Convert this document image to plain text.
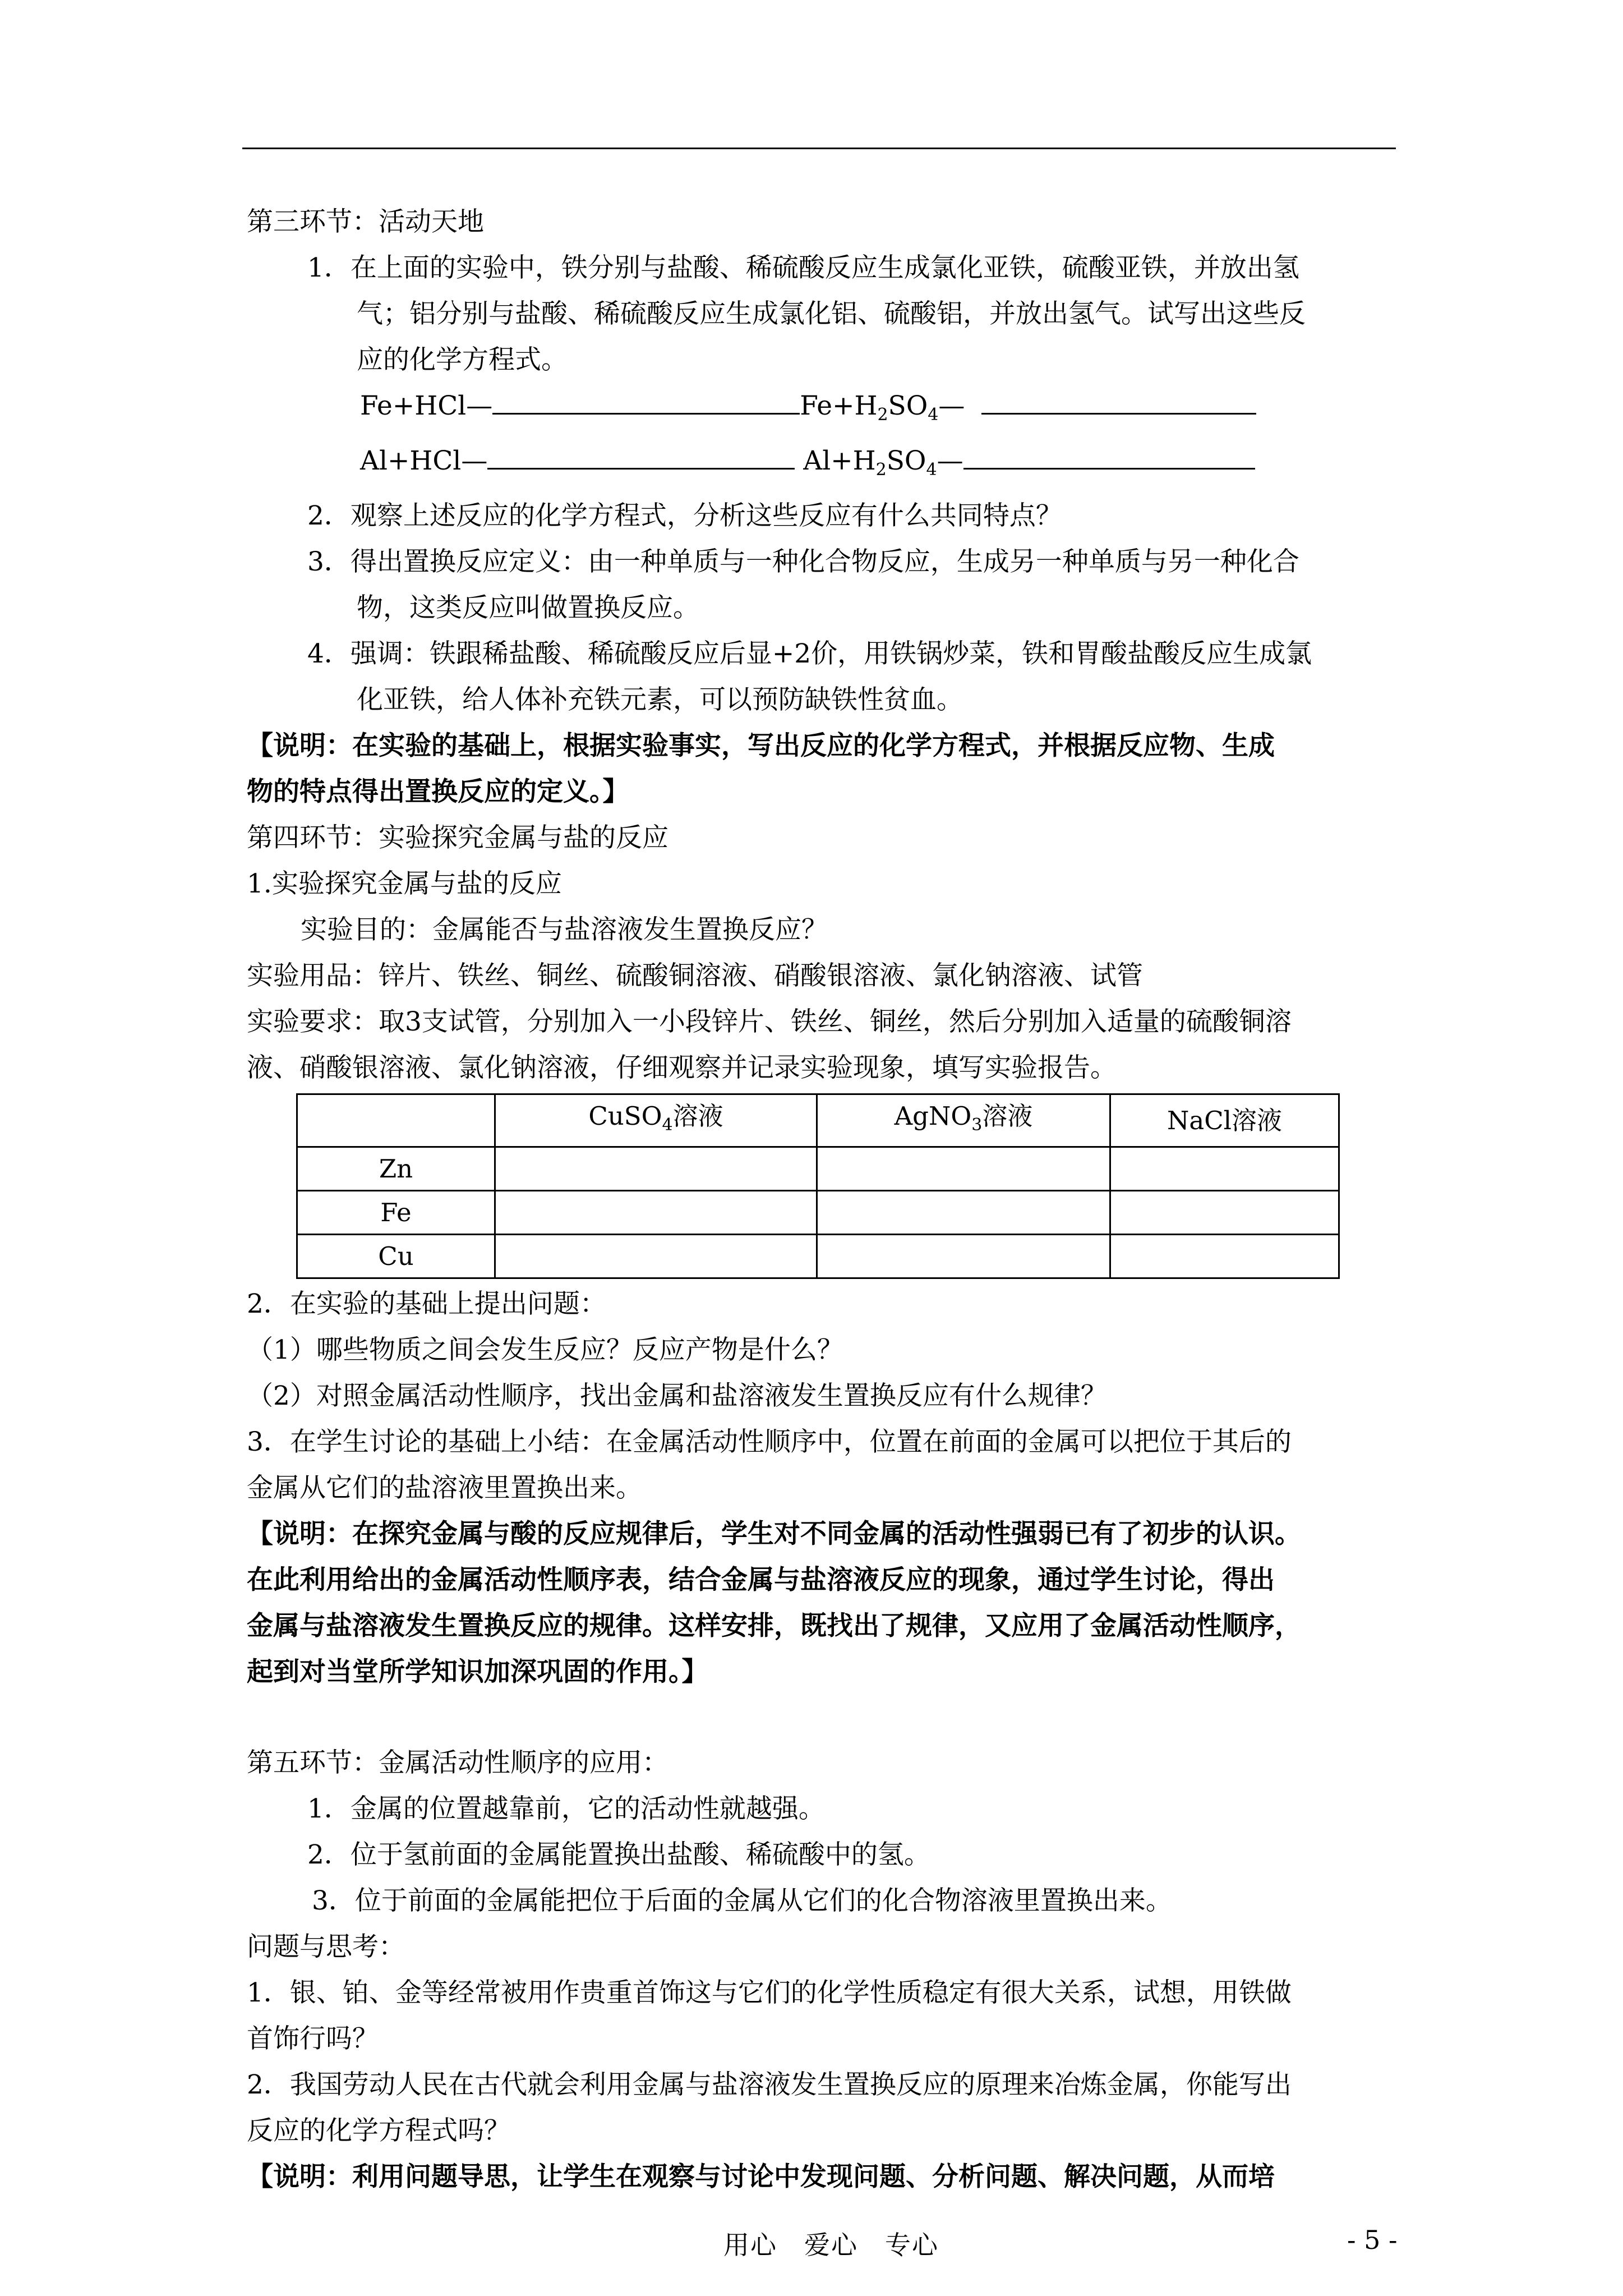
第三环节：活动天地
1．在上面的实验中，铁分别与盐酸、稀硫酸反应生成氯化亚铁，硫酸亚铁，并放出氢
气；铝分别与盐酸、稀硫酸反应生成氯化铝、硫酸铝，并放出氢气。试写出这些反
应的化学方程式。
Fe+HCl—	$Fe+H_2SO_4—$
Al+HCl—	$Al+H_2SO_4—$
2．观察上述反应的化学方程式，分析这些反应有什么共同特点？
3．得出置换反应定义：由一种单质与一种化合物反应，生成另一种单质与另一种化合
物，这类反应叫做置换反应。
4．强调：铁跟稀盐酸、稀硫酸反应后显+2价，用铁锅炒菜，铁和胃酸盐酸反应生成氯
化亚铁，给人体补充铁元素，可以预防缺铁性贫血。
【说明：在实验的基础上，根据实验事实，写出反应的化学方程式，并根据反应物、生成
物的特点得出置换反应的定义。】
第四环节：实验探究金属与盐的反应
1.实验探究金属与盐的反应
实验目的：金属能否与盐溶液发生置换反应？
实验用品：锌片、铁丝、铜丝、硫酸铜溶液、硝酸银溶液、氯化钠溶液、试管
实验要求：取3支试管，分别加入一小段锌片、铁丝、铜丝，然后分别加入适量的硫酸铜溶
液、硝酸银溶液、氯化钠溶液，仔细观察并记录实验现象，填写实验报告。
	CuSO$_4$溶液	AgNO$_3$溶液	NaCl溶液
Zn			
Fe			
Cu			
2．在实验的基础上提出问题：
（1）哪些物质之间会发生反应？反应产物是什么？
（2）对照金属活动性顺序，找出金属和盐溶液发生置换反应有什么规律？
3．在学生讨论的基础上小结：在金属活动性顺序中，位置在前面的金属可以把位于其后的
金属从它们的盐溶液里置换出来。
【说明：在探究金属与酸的反应规律后，学生对不同金属的活动性强弱已有了初步的认识。
在此利用给出的金属活动性顺序表，结合金属与盐溶液反应的现象，通过学生讨论，得出
金属与盐溶液发生置换反应的规律。这样安排，既找出了规律，又应用了金属活动性顺序，
起到对当堂所学知识加深巩固的作用。】
第五环节：金属活动性顺序的应用：
1．金属的位置越靠前，它的活动性就越强。
2．位于氢前面的金属能置换出盐酸、稀硫酸中的氢。
3．位于前面的金属能把位于后面的金属从它们的化合物溶液里置换出来。
问题与思考：
1．银、铂、金等经常被用作贵重首饰这与它们的化学性质稳定有很大关系，试想，用铁做
首饰行吗？
2．我国劳动人民在古代就会利用金属与盐溶液发生置换反应的原理来冶炼金属，你能写出
反应的化学方程式吗？
【说明：利用问题导思，让学生在观察与讨论中发现问题、分析问题、解决问题，从而培
用心　爱心　专心	- 5 -
